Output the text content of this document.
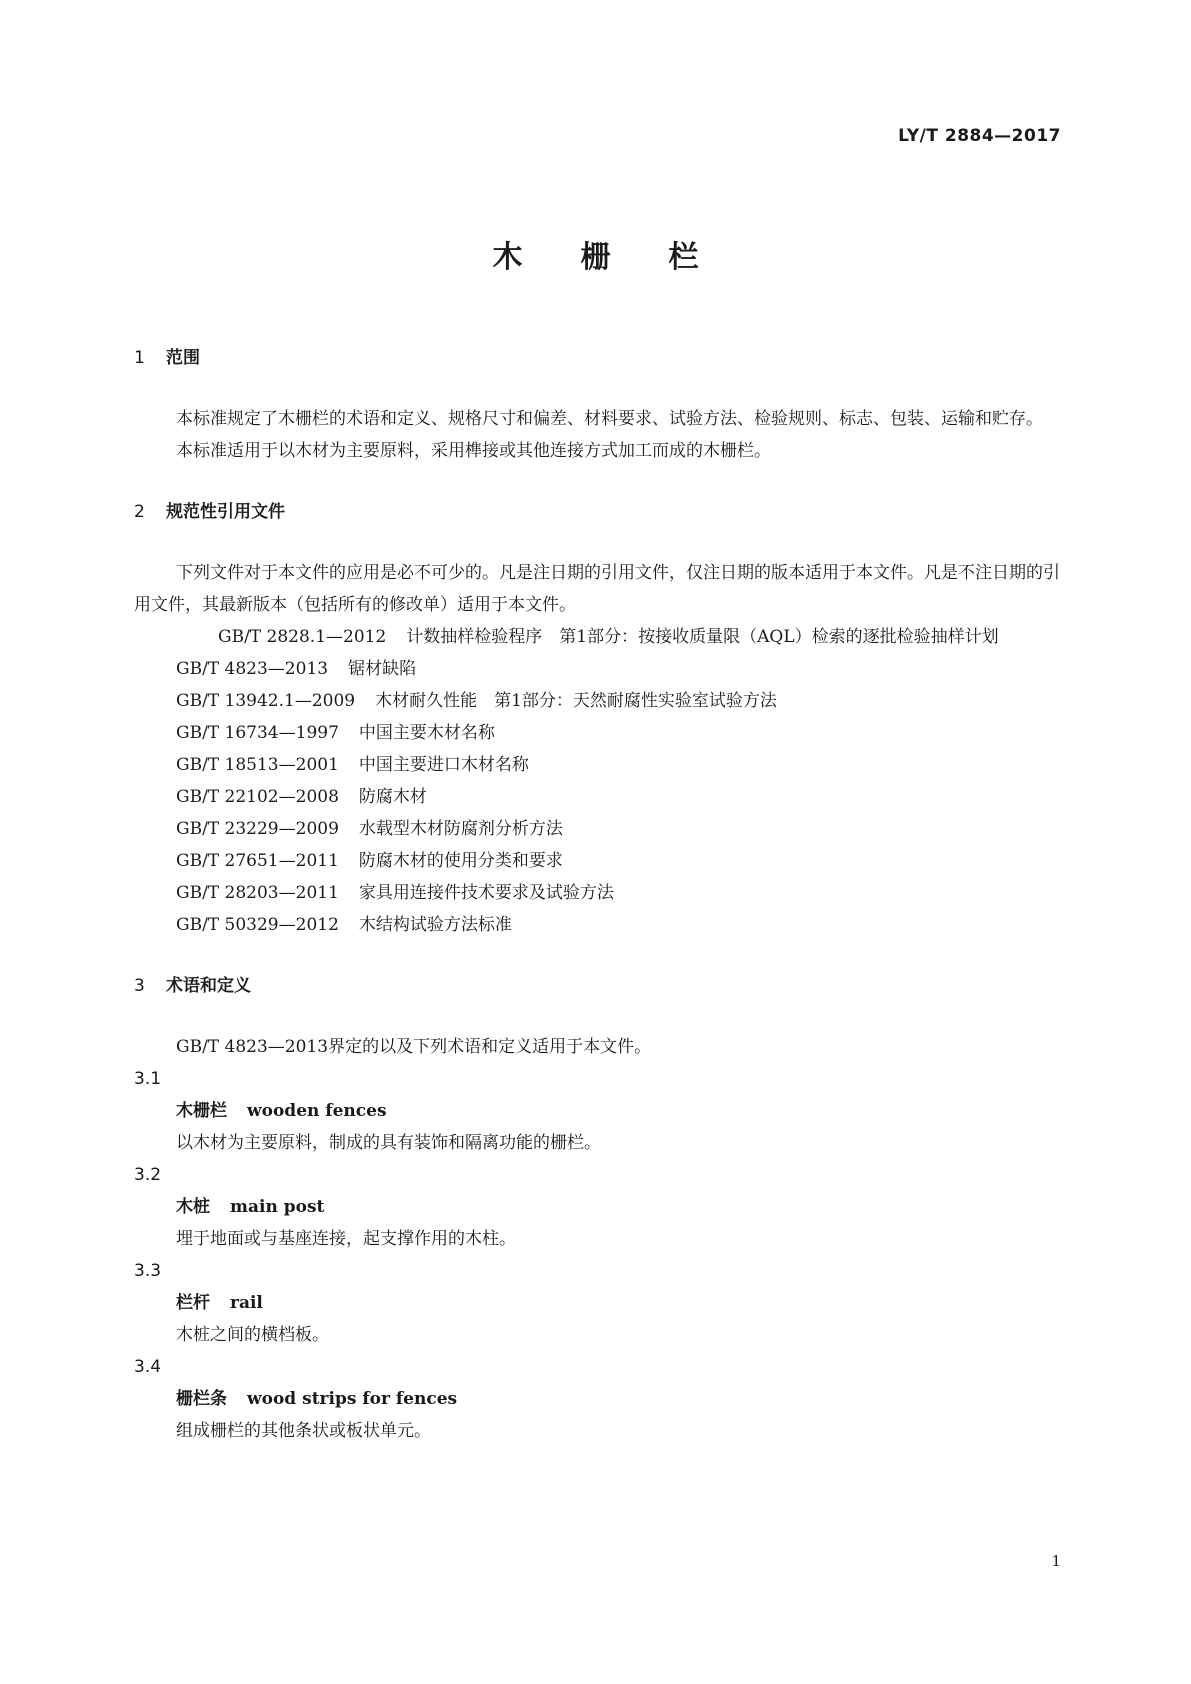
LY/T 2884—2017
木栅栏
1 范围
本标准规定了木栅栏的术语和定义、规格尺寸和偏差、材料要求、试验方法、检验规则、标志、包装、运输和贮存。
本标准适用于以木材为主要原料，采用榫接或其他连接方式加工而成的木栅栏。
2 规范性引用文件
下列文件对于本文件的应用是必不可少的。凡是注日期的引用文件，仅注日期的版本适用于本文件。凡是不注日期的引用文件，其最新版本（包括所有的修改单）适用于本文件。
GB/T 2828.1—2012 计数抽样检验程序　第1部分：按接收质量限（AQL）检索的逐批检验抽样计划
GB/T 4823—2013 锯材缺陷
GB/T 13942.1—2009 木材耐久性能　第1部分：天然耐腐性实验室试验方法
GB/T 16734—1997 中国主要木材名称
GB/T 18513—2001 中国主要进口木材名称
GB/T 22102—2008 防腐木材
GB/T 23229—2009 水载型木材防腐剂分析方法
GB/T 27651—2011 防腐木材的使用分类和要求
GB/T 28203—2011 家具用连接件技术要求及试验方法
GB/T 50329—2012 木结构试验方法标准
3 术语和定义
GB/T 4823—2013界定的以及下列术语和定义适用于本文件。
3.1
木栅栏 wooden fences
以木材为主要原料，制成的具有装饰和隔离功能的栅栏。
3.2
木桩 main post
埋于地面或与基座连接，起支撑作用的木柱。
3.3
栏杆 rail
木桩之间的横档板。
3.4
栅栏条 wood strips for fences
组成栅栏的其他条状或板状单元。
1
